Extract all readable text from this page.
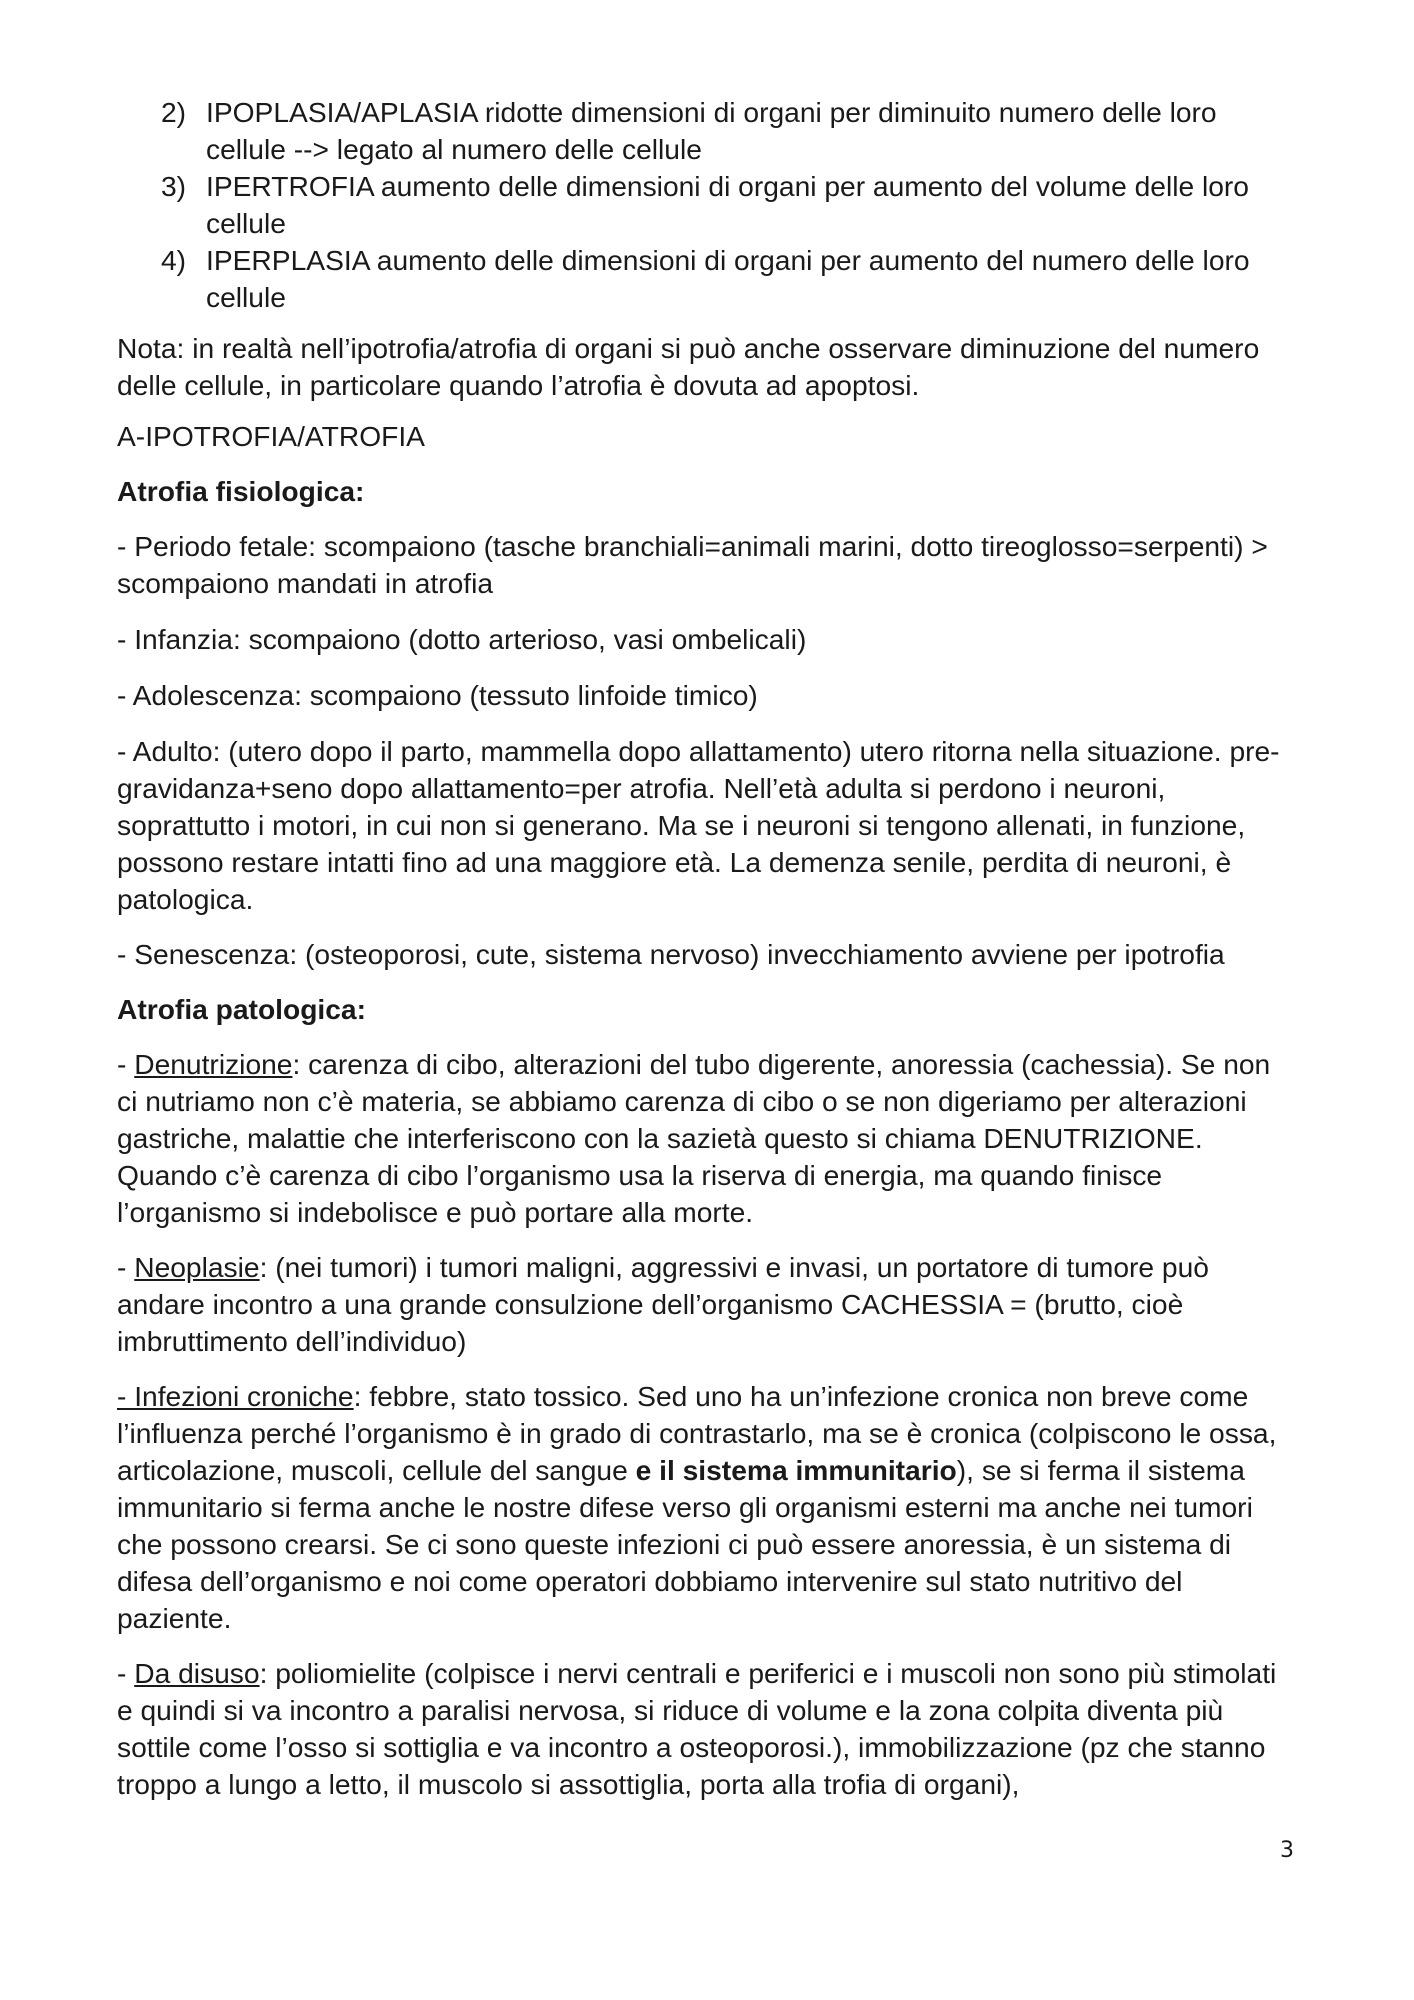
2) IPOPLASIA/APLASIA ridotte dimensioni di organi per diminuito numero delle loro cellule --> legato al numero delle cellule
3) IPERTROFIA aumento delle dimensioni di organi per aumento del volume delle loro cellule
4) IPERPLASIA aumento delle dimensioni di organi per aumento del numero delle loro cellule

Nota: in realtà nell’ipotrofia/atrofia di organi si può anche osservare diminuzione del numero delle cellule, in particolare quando l’atrofia è dovuta ad apoptosi.

A-IPOTROFIA/ATROFIA

Atrofia fisiologica:

- Periodo fetale: scompaiono (tasche branchiali=animali marini, dotto tireoglosso=serpenti) > scompaiono mandati in atrofia

- Infanzia: scompaiono (dotto arterioso, vasi ombelicali)

- Adolescenza: scompaiono (tessuto linfoide timico)

- Adulto: (utero dopo il parto, mammella dopo allattamento) utero ritorna nella situazione. pre-gravidanza+seno dopo allattamento=per atrofia. Nell’età adulta si perdono i neuroni, soprattutto i motori, in cui non si generano. Ma se i neuroni si tengono allenati, in funzione, possono restare intatti fino ad una maggiore età. La demenza senile, perdita di neuroni, è patologica.

- Senescenza: (osteoporosi, cute, sistema nervoso) invecchiamento avviene per ipotrofia

Atrofia patologica:

- Denutrizione: carenza di cibo, alterazioni del tubo digerente, anoressia (cachessia). Se non ci nutriamo non c’è materia, se abbiamo carenza di cibo o se non digeriamo per alterazioni gastriche, malattie che interferiscono con la sazietà questo si chiama DENUTRIZIONE. Quando c’è carenza di cibo l’organismo usa la riserva di energia, ma quando finisce l’organismo si indebolisce e può portare alla morte.

- Neoplasie: (nei tumori) i tumori maligni, aggressivi e invasi, un portatore di tumore può andare incontro a una grande consulzione dell’organismo CACHESSIA = (brutto, cioè imbruttimento dell’individuo)

- Infezioni croniche: febbre, stato tossico. Sed uno ha un’infezione cronica non breve come l’influenza perché l’organismo è in grado di contrastarlo, ma se è cronica (colpiscono le ossa, articolazione, muscoli, cellule del sangue e il sistema immunitario), se si ferma il sistema immunitario si ferma anche le nostre difese verso gli organismi esterni ma anche nei tumori che possono crearsi. Se ci sono queste infezioni ci può essere anoressia, è un sistema di difesa dell’organismo e noi come operatori dobbiamo intervenire sul stato nutritivo del paziente.

- Da disuso: poliomielite (colpisce i nervi centrali e periferici e i muscoli non sono più stimolati e quindi si va incontro a paralisi nervosa, si riduce di volume e la zona colpita diventa più sottile come l’osso si sottiglia e va incontro a osteoporosi.), immobilizzazione (pz che stanno troppo a lungo a letto, il muscolo si assottiglia, porta alla trofia di organi),

3
